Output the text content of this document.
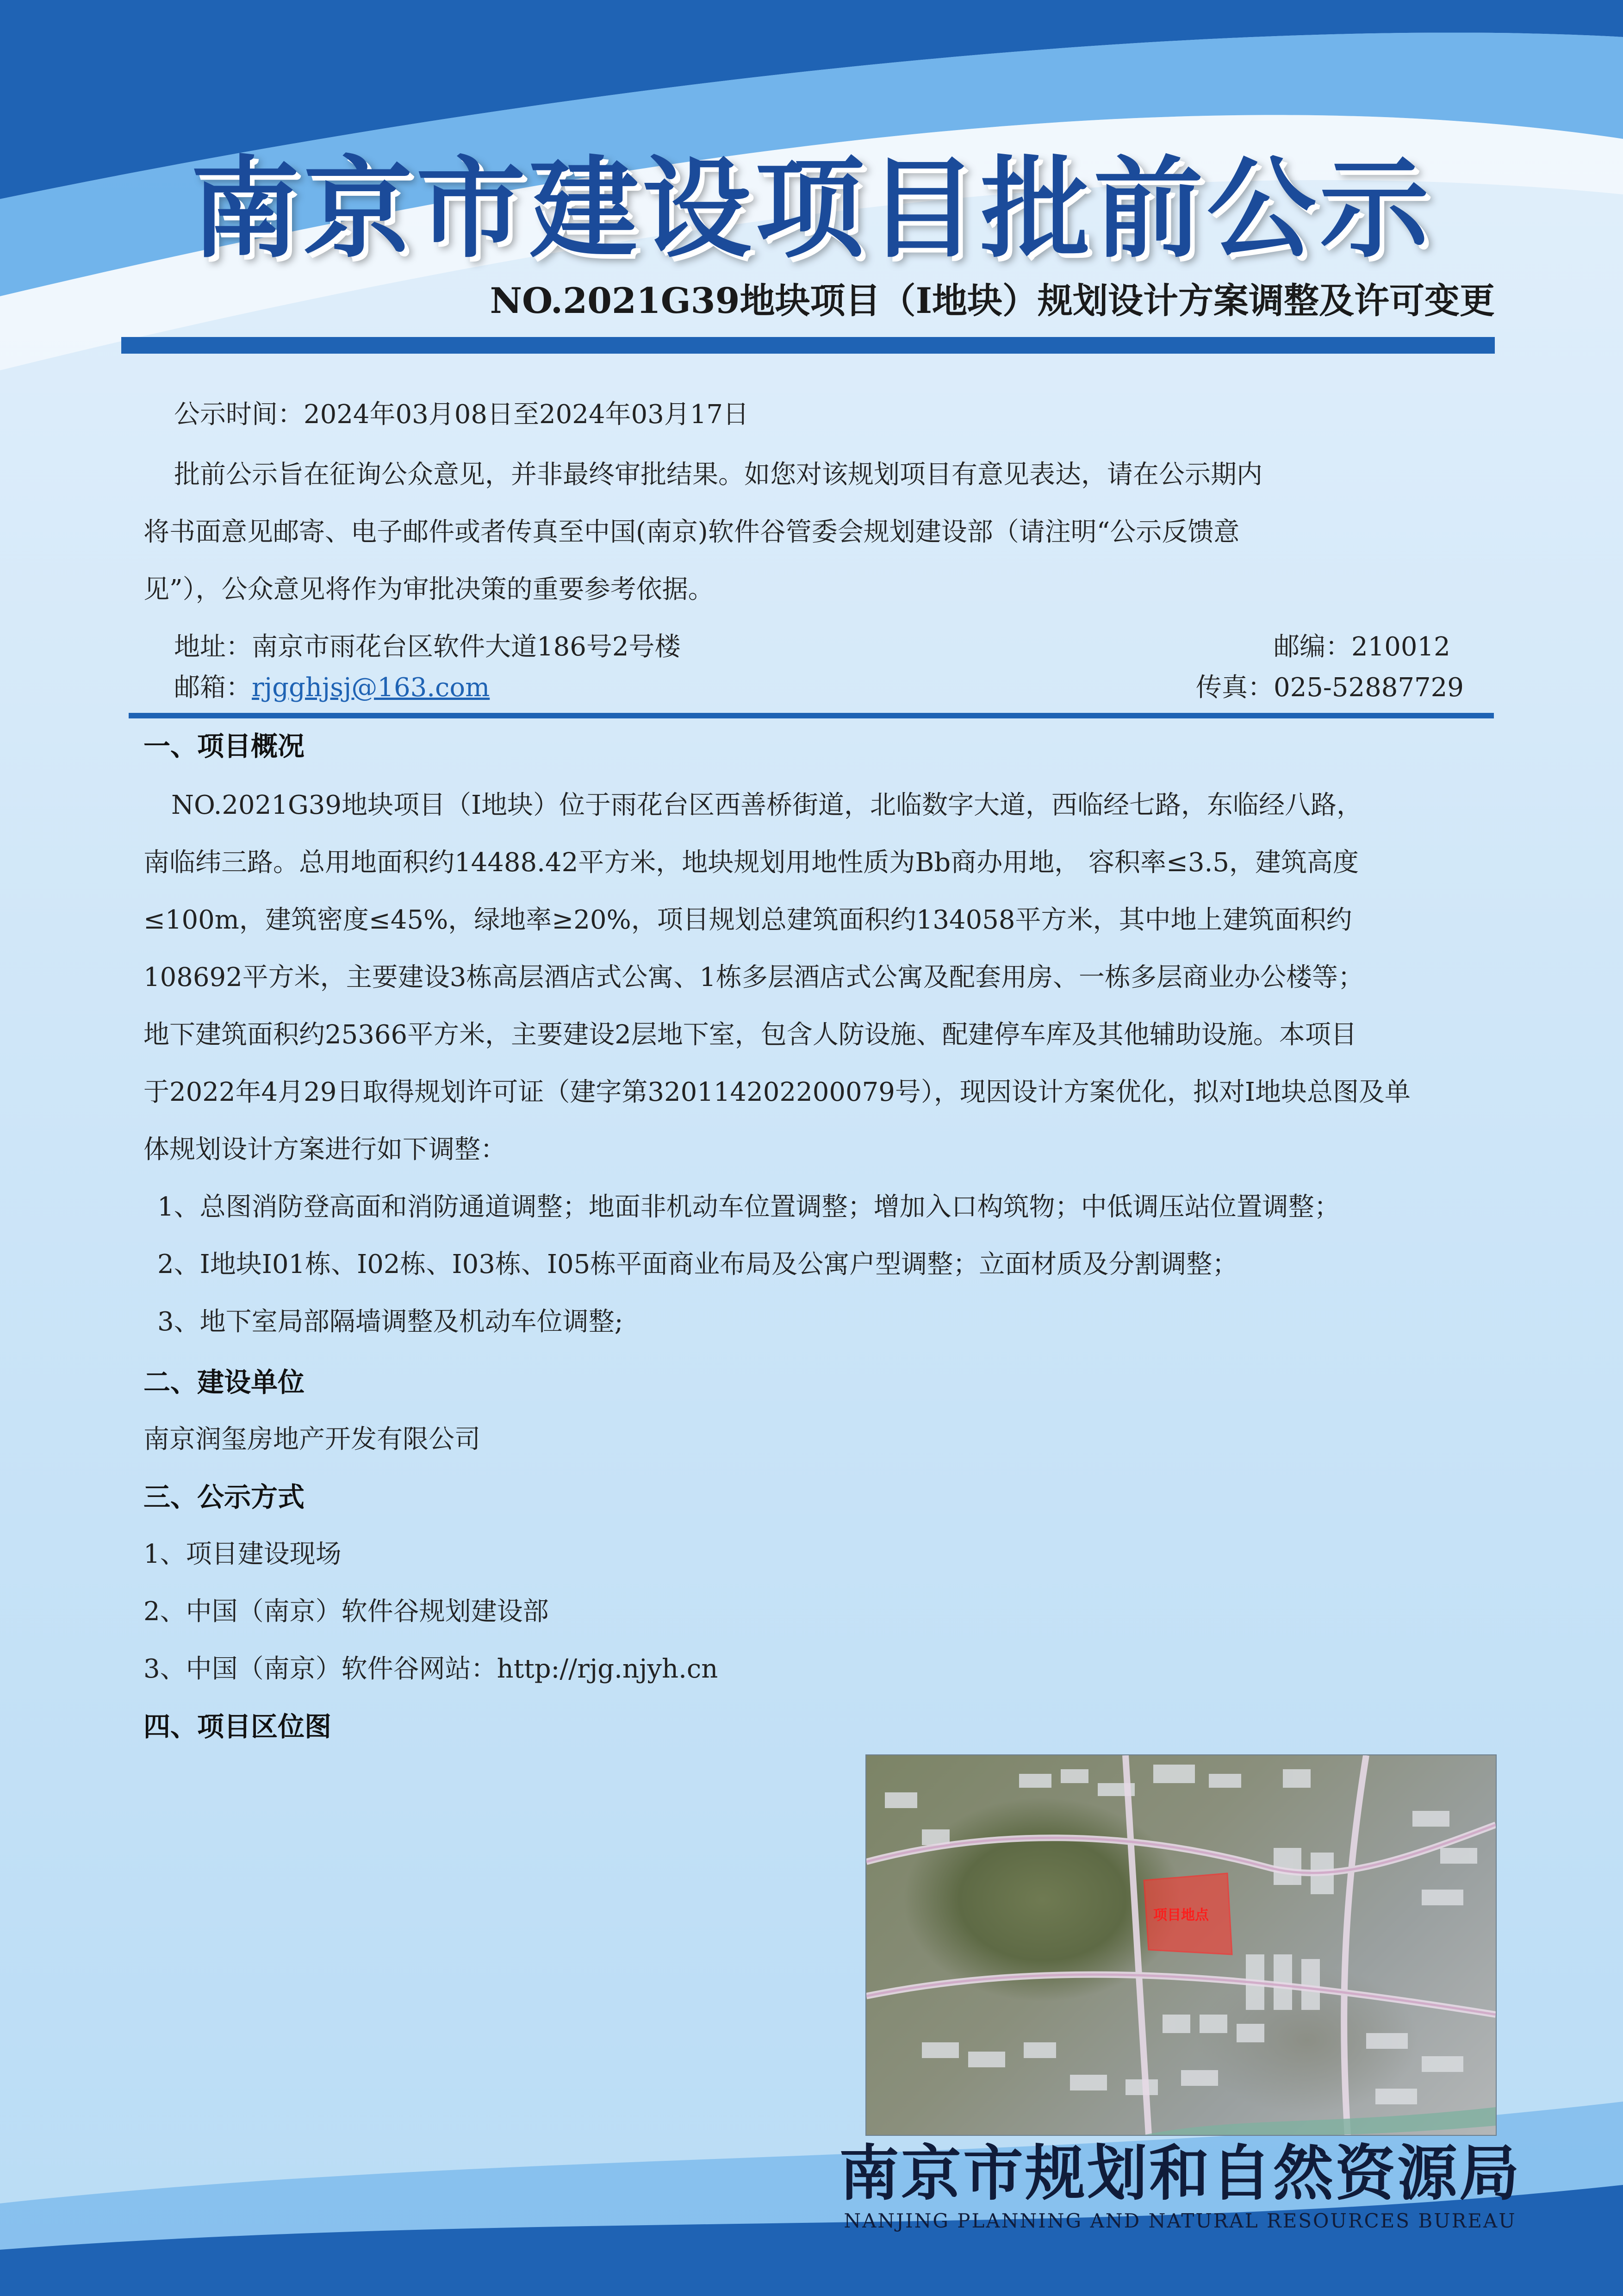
南京市建设项目批前公示
NO.2021G39地块项目（I地块）规划设计方案调整及许可变更
公示时间：2024年03月08日至2024年03月17日
批前公示旨在征询公众意见，并非最终审批结果。如您对该规划项目有意见表达，请在公示期内
将书面意见邮寄、电子邮件或者传真至中国(南京)软件谷管委会规划建设部（请注明“公示反馈意
见”），公众意见将作为审批决策的重要参考依据。
地址：南京市雨花台区软件大道186号2号楼	邮编：210012
邮箱：rjgghjsj@163.com	传真：025-52887729
一、项目概况
NO.2021G39地块项目（I地块）位于雨花台区西善桥街道，北临数字大道，西临经七路，东临经八路，
南临纬三路。总用地面积约14488.42平方米，地块规划用地性质为Bb商办用地， 容积率≤3.5，建筑高度
≤100m，建筑密度≤45%，绿地率≥20%，项目规划总建筑面积约134058平方米，其中地上建筑面积约
108692平方米，主要建设3栋高层酒店式公寓、1栋多层酒店式公寓及配套用房、一栋多层商业办公楼等；
地下建筑面积约25366平方米，主要建设2层地下室，包含人防设施、配建停车库及其他辅助设施。本项目
于2022年4月29日取得规划许可证（建字第320114202200079号），现因设计方案优化，拟对I地块总图及单
体规划设计方案进行如下调整：
1、总图消防登高面和消防通道调整；地面非机动车位置调整；增加入口构筑物；中低调压站位置调整；
2、I地块I01栋、I02栋、I03栋、I05栋平面商业布局及公寓户型调整；立面材质及分割调整；
3、地下室局部隔墙调整及机动车位调整;
二、建设单位
南京润玺房地产开发有限公司
三、公示方式
1、项目建设现场
2、中国（南京）软件谷规划建设部
3、中国（南京）软件谷网站：http://rjg.njyh.cn
四、项目区位图
项目地点
南京市规划和自然资源局
NANJING PLANNING AND NATURAL RESOURCES BUREAU
